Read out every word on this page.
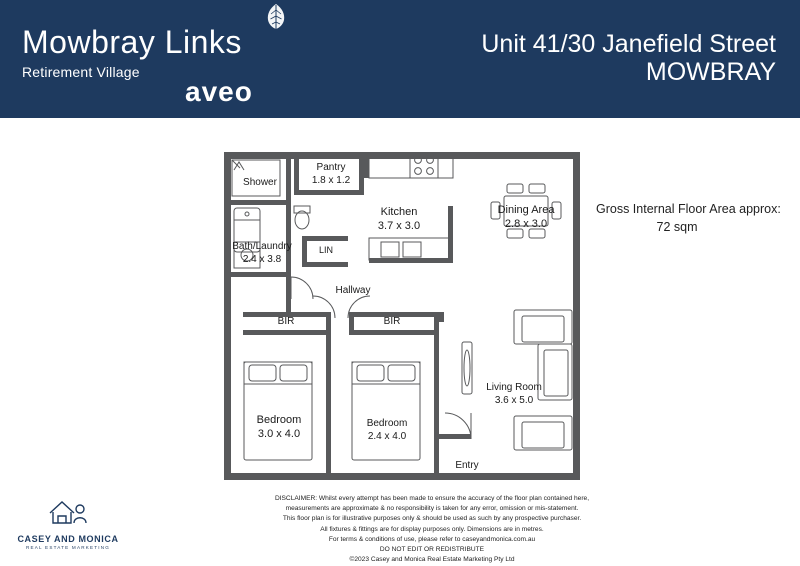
Mowbray Links
Retirement Village
aveo
Unit 41/30 Janefield Street
MOWBRAY
Gross Internal Floor Area approx:
72 sqm
Shower
Pantry
1.8 x 1.2
Kitchen
3.7 x 3.0
Dining Area
2.8 x 3.0
Bath/Laundry
2.4 x 3.8
LIN
Hallway
BIR	BIR
Bedroom
3.0 x 4.0
Bedroom
2.4 x 4.0
Living Room
3.6 x 5.0
Entry
DISCLAIMER: Whilst every attempt has been made to ensure the accuracy of the floor plan contained here,
measurements are approximate & no responsibility is taken for any error, omission or mis-statement.
This floor plan is for illustrative purposes only & should be used as such by any prospective purchaser.
All fixtures & fittings are for display purposes only. Dimensions are in metres.
For terms & conditions of use, please refer to caseyandmonica.com.au
DO NOT EDIT OR REDISTRIBUTE
©2023 Casey and Monica Real Estate Marketing Pty Ltd
CASEY AND MONICA
REAL ESTATE MARKETING
